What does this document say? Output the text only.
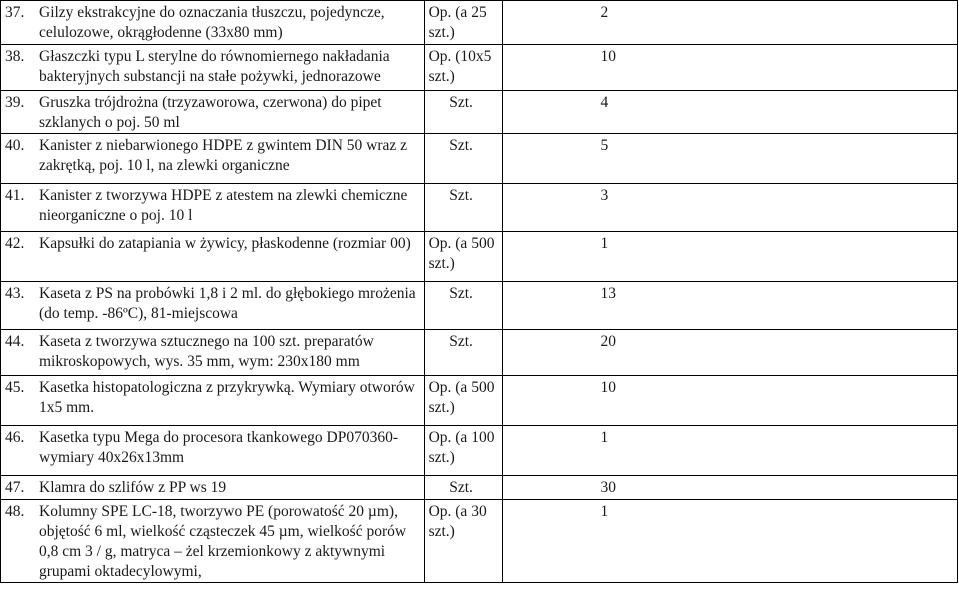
37. Gilzy ekstrakcyjne do oznaczania tłuszczu, pojedyncze, celulozowe, okrągłodenne (33x80 mm)	Op. (a 25 szt.)	2

38. Głaszczki typu L sterylne do równomiernego nakładania bakteryjnych substancji na stałe pożywki, jednorazowe	Op. (10x5 szt.)	10

39. Gruszka trójdrożna (trzyzaworowa, czerwona) do pipet szklanych o poj. 50 ml	Szt.	4

40. Kanister z niebarwionego HDPE z gwintem DIN 50 wraz z zakrętką, poj. 10 l, na zlewki organiczne	Szt.	5

41. Kanister z tworzywa HDPE z atestem na zlewki chemiczne nieorganiczne o poj. 10 l	Szt.	3

42. Kapsułki do zatapiania w żywicy, płaskodenne (rozmiar 00)	Op. (a 500 szt.)	1

43. Kaseta z PS na probówki 1,8 i 2 ml. do głębokiego mrożenia (do temp. -86ºC), 81-miejscowa	Szt.	13

44. Kaseta z tworzywa sztucznego na 100 szt. preparatów mikroskopowych, wys. 35 mm, wym: 230x180 mm	Szt.	20

45. Kasetka histopatologiczna z przykrywką. Wymiary otworów 1x5 mm.	Op. (a 500 szt.)	10

46. Kasetka typu Mega do procesora tkankowego DP070360- wymiary 40x26x13mm	Op. (a 100 szt.)	1

47. Klamra do szlifów z PP ws 19	Szt.	30

48. Kolumny SPE LC-18, tworzywo PE (porowatość 20 µm), objętość 6 ml, wielkość cząsteczek 45 µm, wielkość porów 0,8 cm 3 / g, matryca – żel krzemionkowy z aktywnymi grupami oktadecylowymi,	Op. (a 30 szt.)	1
